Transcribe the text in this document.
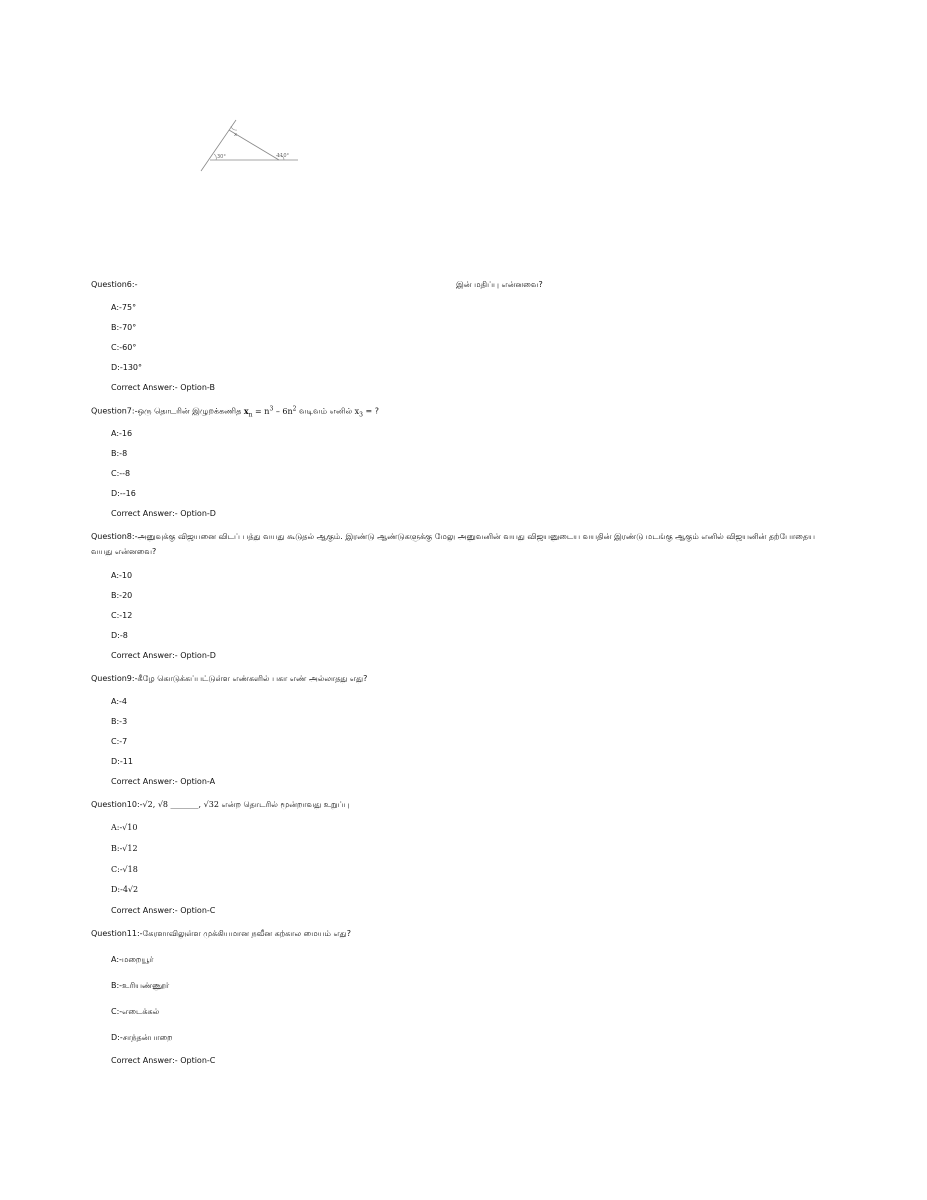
x
30°	110°
Question6:-	இன் மதிப்பு என்னவை?
A:-75°
B:-70°
C:-60°
D:-130°
Correct Answer:- Option-B
Question7:-ஒரு தொடரின் இழுறக்கணித $x_n = n^3 - 6n^2$ வடிவம் எனில் $x_3$ = ?
A:-16
B:-8
C:--8
D:--16
Correct Answer:- Option-D
Question8:-அனுவுக்கு விஜயனை விடப் பத்து வயது கூடுதல் ஆகும். இரண்டு ஆண்டுகளுக்கு மேலு அனுவனின் வயது விஜயனுடைய வயதின் இரண்டு மடங்கு ஆகும் எனில் விஜயனின் தற்போதைய வயது என்னவை?
A:-10
B:-20
C:-12
D:-8
Correct Answer:- Option-D
Question9:-கீழே கொடுக்கப்பட்டுள்ள எண்களில் பகா எண் அல்லாதது எது?
A:-4
B:-3
C:-7
D:-11
Correct Answer:- Option-A
Question10:-√2, √8 _______, √32 என்ற தொடரில் மூன்றாவது உறுப்பு
A:-√10
B:-√12
C:-√18
D:-4√2
Correct Answer:- Option-C
Question11:-கேரளாவிலுள்ள முக்கியமான நவீன கற்கால மையம் எது?
A:-மறையூர்
B:-உரியண்ணூர்
C:-எடைக்கல்
D:-சாந்தன்பாறை
Correct Answer:- Option-C
